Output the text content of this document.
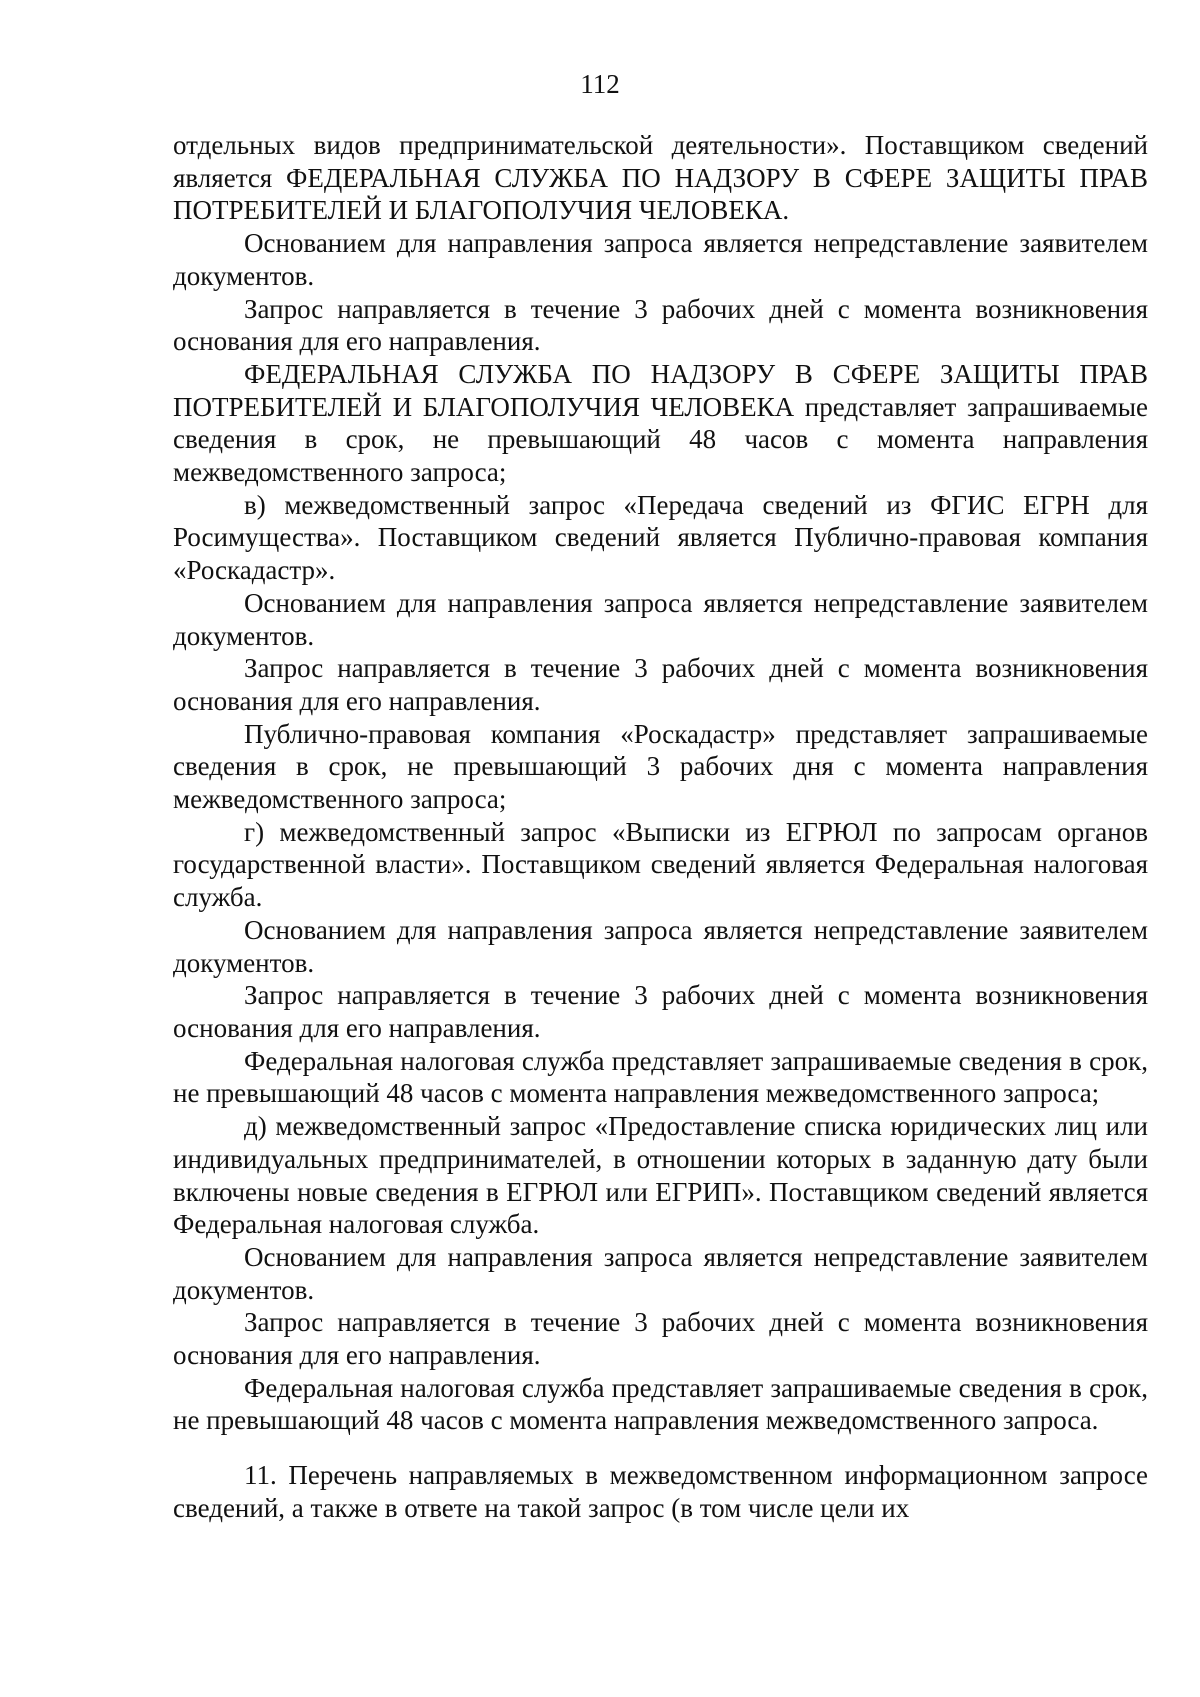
112

отдельных видов предпринимательской деятельности». Поставщиком сведений является ФЕДЕРАЛЬНАЯ СЛУЖБА ПО НАДЗОРУ В СФЕРЕ ЗАЩИТЫ ПРАВ ПОТРЕБИТЕЛЕЙ И БЛАГОПОЛУЧИЯ ЧЕЛОВЕКА.

Основанием для направления запроса является непредставление заявителем документов.

Запрос направляется в течение 3 рабочих дней с момента возникновения основания для его направления.

ФЕДЕРАЛЬНАЯ СЛУЖБА ПО НАДЗОРУ В СФЕРЕ ЗАЩИТЫ ПРАВ ПОТРЕБИТЕЛЕЙ И БЛАГОПОЛУЧИЯ ЧЕЛОВЕКА представляет запрашиваемые сведения в срок, не превышающий 48 часов с момента направления межведомственного запроса;

в) межведомственный запрос «Передача сведений из ФГИС ЕГРН для Росимущества». Поставщиком сведений является Публично-правовая компания «Роскадастр».

Основанием для направления запроса является непредставление заявителем документов.

Запрос направляется в течение 3 рабочих дней с момента возникновения основания для его направления.

Публично-правовая компания «Роскадастр» представляет запрашиваемые сведения в срок, не превышающий 3 рабочих дня с момента направления межведомственного запроса;

г) межведомственный запрос «Выписки из ЕГРЮЛ по запросам органов государственной власти». Поставщиком сведений является Федеральная налоговая служба.

Основанием для направления запроса является непредставление заявителем документов.

Запрос направляется в течение 3 рабочих дней с момента возникновения основания для его направления.

Федеральная налоговая служба представляет запрашиваемые сведения в срок, не превышающий 48 часов с момента направления межведомственного запроса;

д) межведомственный запрос «Предоставление списка юридических лиц или индивидуальных предпринимателей, в отношении которых в заданную дату были включены новые сведения в ЕГРЮЛ или ЕГРИП». Поставщиком сведений является Федеральная налоговая служба.

Основанием для направления запроса является непредставление заявителем документов.

Запрос направляется в течение 3 рабочих дней с момента возникновения основания для его направления.

Федеральная налоговая служба представляет запрашиваемые сведения в срок, не превышающий 48 часов с момента направления межведомственного запроса.

11. Перечень направляемых в межведомственном информационном запросе сведений, а также в ответе на такой запрос (в том числе цели их
